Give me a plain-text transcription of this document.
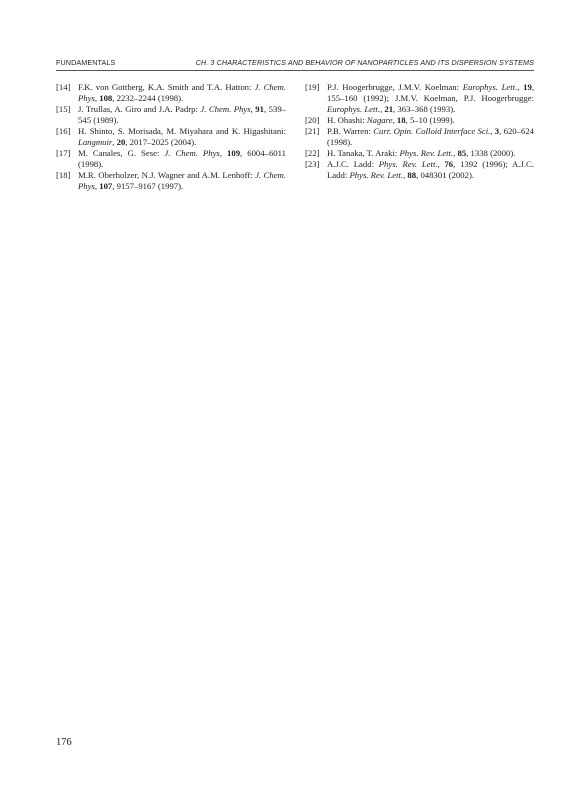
FUNDAMENTALS	CH. 3 CHARACTERISTICS AND BEHAVIOR OF NANOPARTICLES AND ITS DISPERSION SYSTEMS

[14] F.K. von Gottberg, K.A. Smith and T.A. Hatton: J. Chem. Phys, 108, 2232–2244 (1998).

[15] J. Trullas, A. Giro and J.A. Padrp: J. Chem. Phys, 91, 539–545 (1989).

[16] H. Shinto, S. Morisada, M. Miyahara and K. Higashitani: Langmuir, 20, 2017–2025 (2004).

[17] M. Canales, G. Sese: J. Chem. Phys, 109, 6004–6011 (1998).

[18] M.R. Oberholzer, N.J. Wagner and A.M. Lenhoff: J. Chem. Phys, 107, 9157–9167 (1997).

[19] P.J. Hoogerbrugge, J.M.V. Koelman: Europhys. Lett., 19, 155–160 (1992); J.M.V. Koelman, P.J. Hoogerbrugge: Europhys. Lett., 21, 363–368 (1993).

[20] H. Ohashi: Nagare, 18, 5–10 (1999).

[21] P.B. Warren: Curr. Opin. Colloid Interface Sci., 3, 620–624 (1998).

[22] H. Tanaka, T. Araki: Phys. Rev. Lett., 85, 1338 (2000).

[23] A.J.C. Ladd: Phys. Rev. Lett., 76, 1392 (1996); A.J.C. Ladd: Phys. Rev. Lett., 88, 048301 (2002).

176
